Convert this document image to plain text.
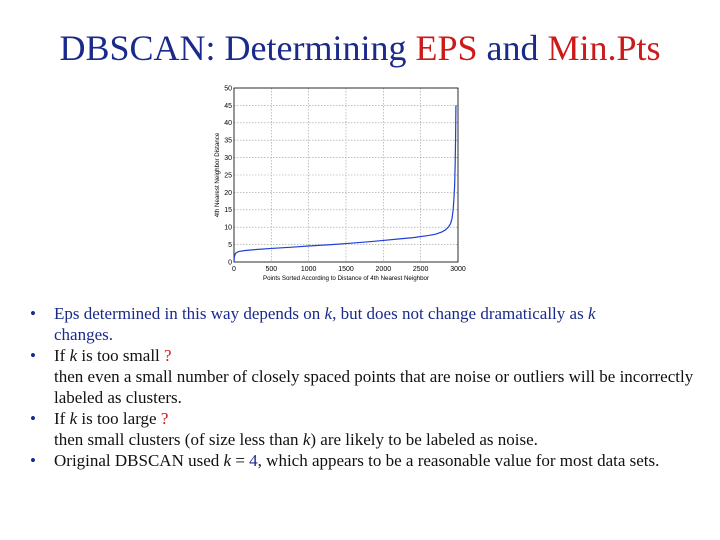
DBSCAN: Determining EPS and Min.Pts
0	500	1000	1500	2000	2500	3000
0
5
10
15
20
25
30
35
40
45
50
Points Sorted According to Distance of 4th Nearest Neighbor
4th Nearest Neighbor Distance
• Eps determined in this way depends on k, but does not change dramatically as k
changes.
• If k is too small ?
then even a small number of closely spaced points that are noise or outliers will be incorrectly labeled as clusters.
• If k is too large ?
then small clusters (of size less than k) are likely to be labeled as noise.
• Original DBSCAN used k = 4, which appears to be a reasonable value for most data sets.
